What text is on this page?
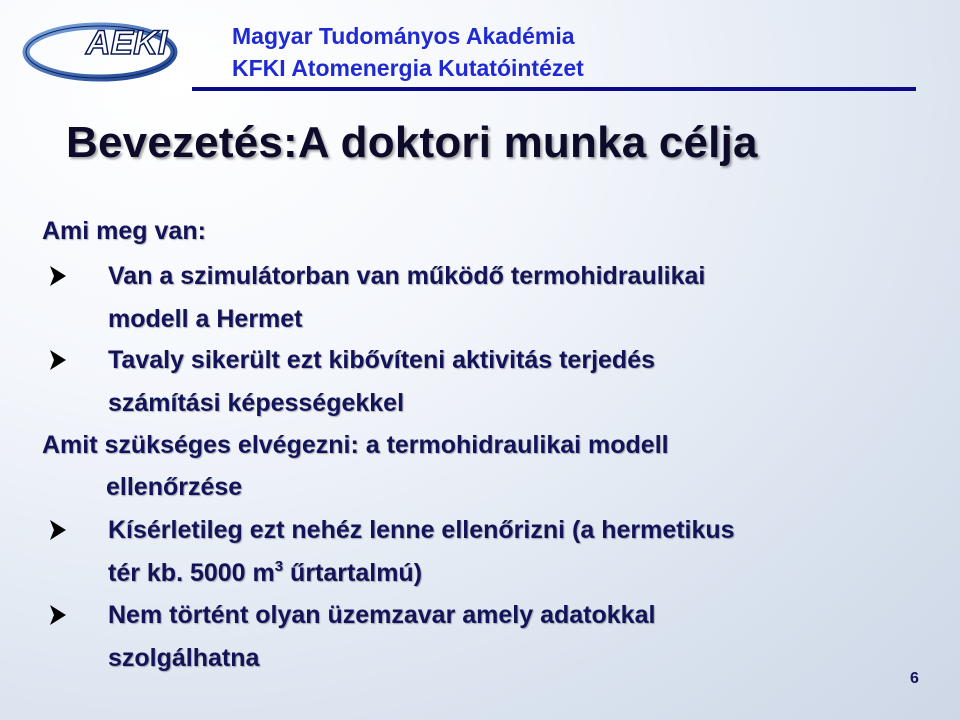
AEKI	Magyar Tudományos Akadémia
KFKI Atomenergia Kutatóintézet
Bevezetés:A doktori munka célja
Ami meg van:
Van a szimulátorban van működő termohidraulikai
modell a Hermet
Tavaly sikerült ezt kibővíteni aktivitás terjedés
számítási képességekkel
Amit szükséges elvégezni: a termohidraulikai modell
ellenőrzése
Kísérletileg ezt nehéz lenne ellenőrizni (a hermetikus
tér kb. 5000 $m^3$ űrtartalmú)
Nem történt olyan üzemzavar amely adatokkal
szolgálhatna
6
